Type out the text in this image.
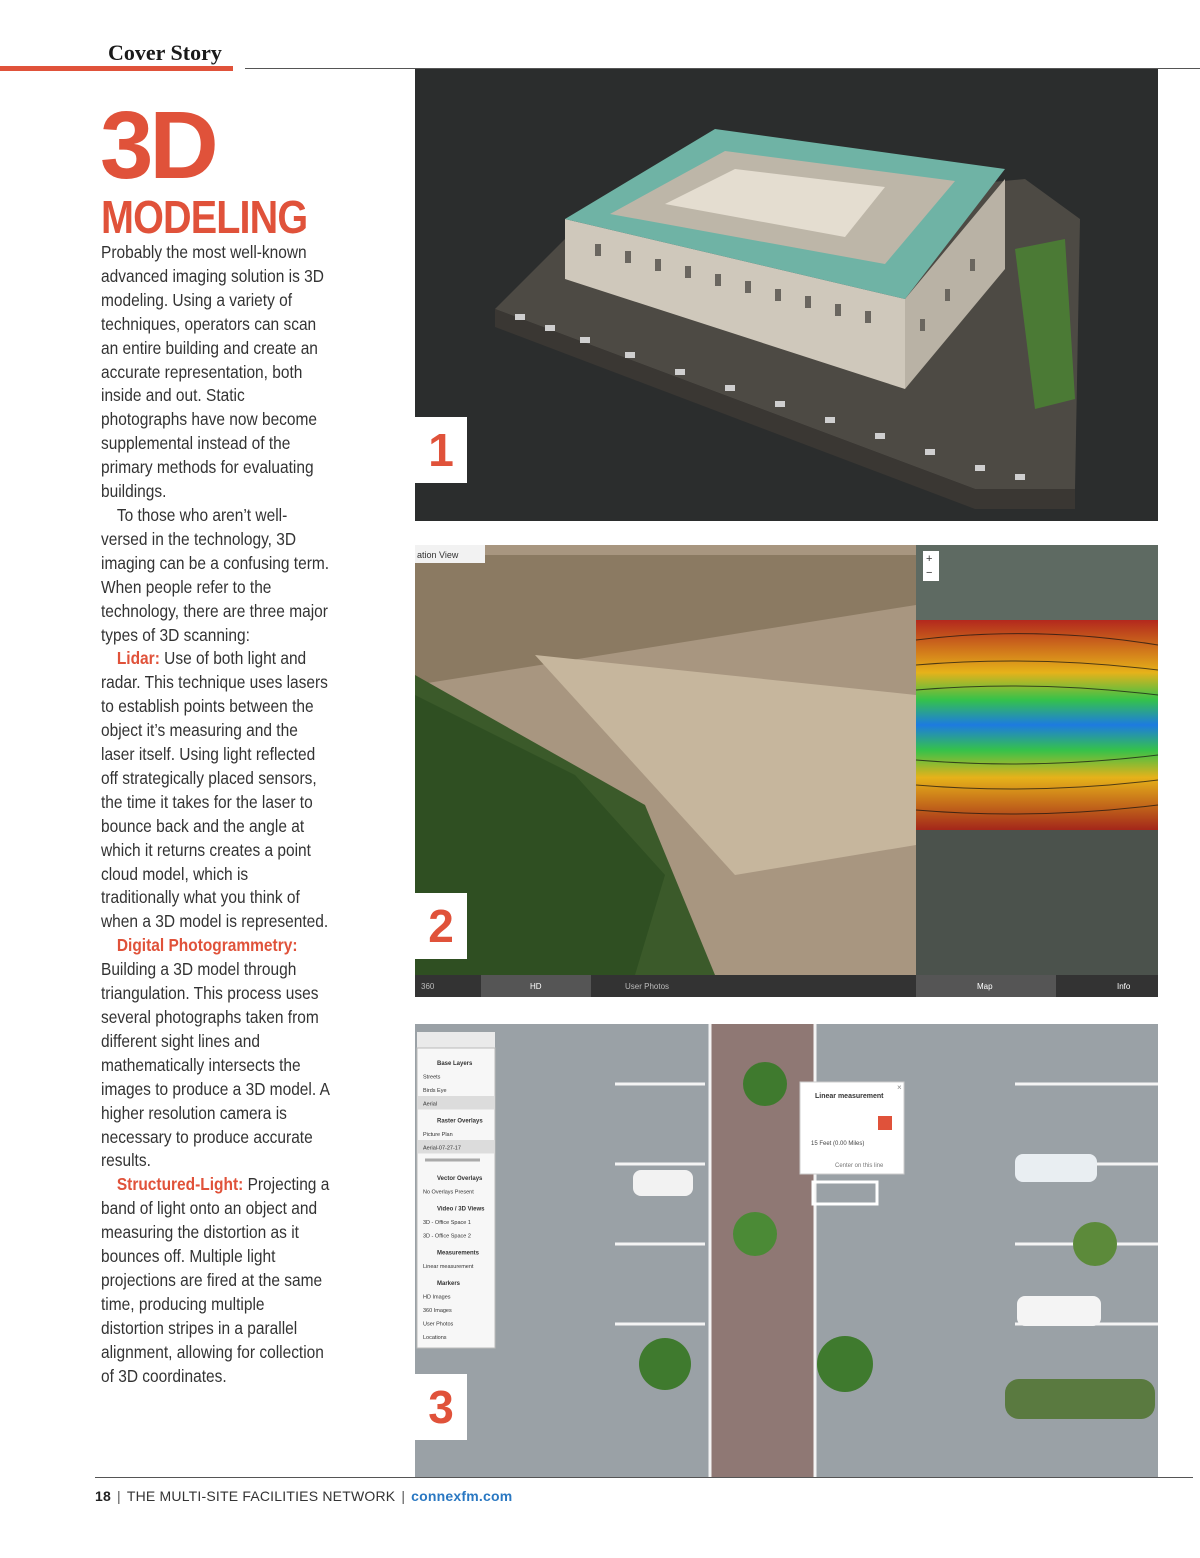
Cover Story
3D
MODELING

Probably the most well-known advanced imaging solution is 3D modeling. Using a variety of techniques, operators can scan an entire building and create an accurate representation, both inside and out. Static photographs have now become supplemental instead of the primary methods for evaluating buildings.

To those who aren’t well-versed in the technology, 3D imaging can be a confusing term. When people refer to the technology, there are three major types of 3D scanning:

Lidar: Use of both light and radar. This technique uses lasers to establish points between the object it’s measuring and the laser itself. Using light reflected off strategically placed sensors, the time it takes for the laser to bounce back and the angle at which it returns creates a point cloud model, which is traditionally what you think of when a 3D model is represented.

Digital Photogrammetry: Building a 3D model through triangulation. This process uses several photographs taken from different sight lines and mathematically intersects the images to produce a 3D model. A higher resolution camera is necessary to produce accurate results.

Structured-Light: Projecting a band of light onto an object and measuring the distortion as it bounces off. Multiple light projections are fired at the same time, producing multiple distortion stripes in a parallel alignment, allowing for collection of 3D coordinates.

1
ation View	+
−
360	HD	User Photos	Map	Info
2
Base Layers
Streets
Birds Eye
Aerial
Raster Overlays
Picture Plan
Aerial-07-27-17
Vector Overlays
No Overlays Present
Video / 3D Views
3D - Office Space 1
3D - Office Space 2
Measurements
Linear measurement
Markers
HD Images
360 Images
User Photos
Locations
Linear measurement
×
15 Feet (0.00 Miles)
Center on this line
3
18 | THE MULTI-SITE FACILITIES NETWORK | connexfm.com
